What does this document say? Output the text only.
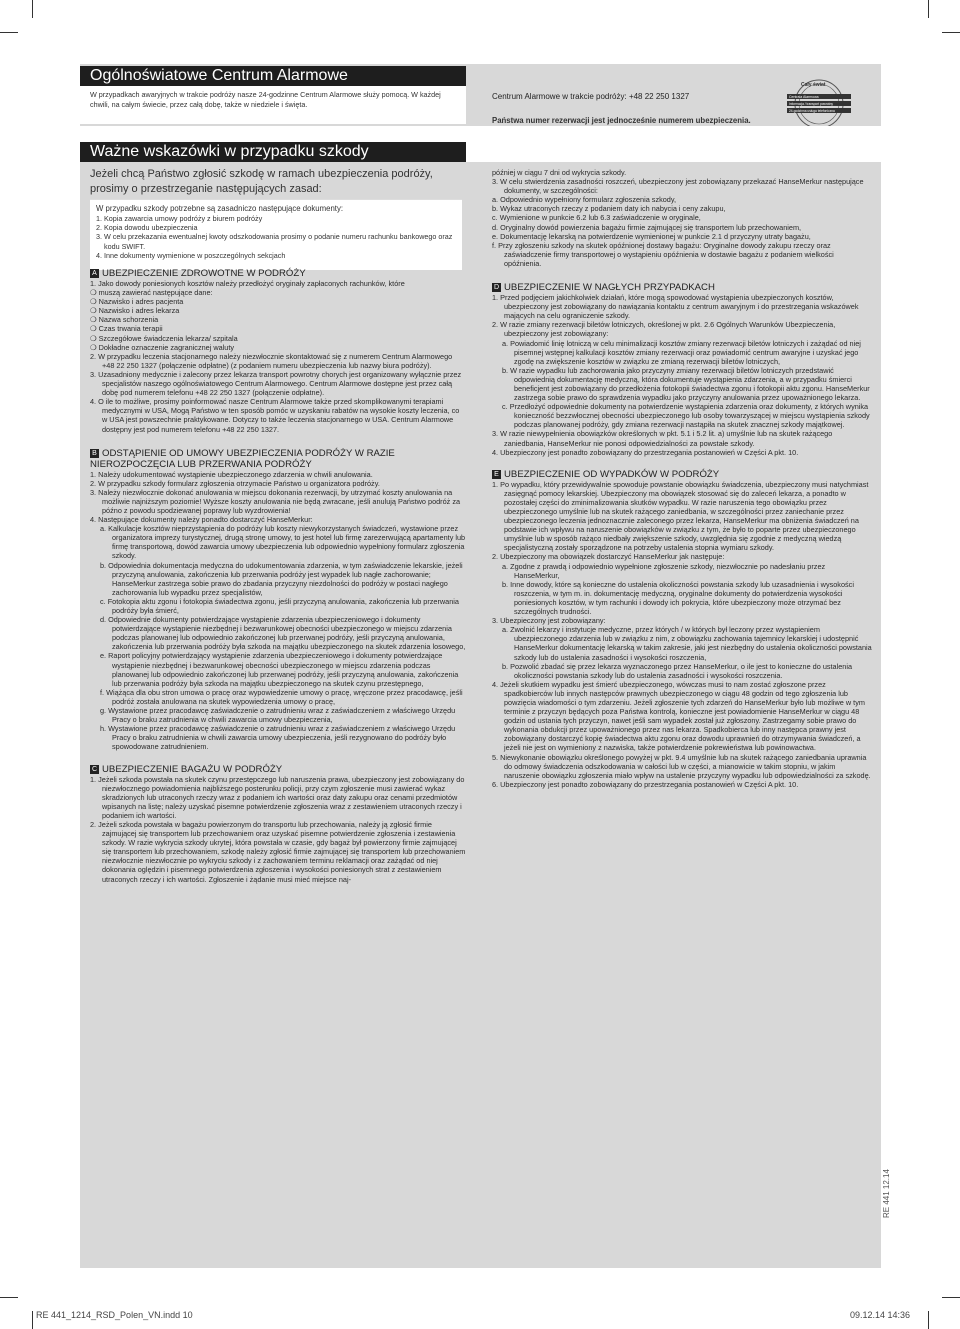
Ogólnoświatowe Centrum Alarmowe
W przypadkach awaryjnych w trakcie podróży nasze 24-godzinne Centrum Alarmowe służy pomocą. W każdej chwili, na całym świecie, przez całą dobę, także w niedziele i święta.
Centrum Alarmowe w trakcie podróży: +48 22 250 1327
Państwa numer rezerwacji jest jednocześnie numerem ubezpieczenia.
Cały świat
Centrala Alarmowa
Informacja / transport powrotny
24-godzinna usługa telefoniczna
Ważne wskazówki w przypadku szkody
Jeżeli chcą Państwo zgłosić szkodę w ramach ubezpieczenia podróży, prosimy o przestrzeganie następujących zasad:
W przypadku szkody potrzebne są zasadniczo następujące dokumenty:

1. Kopia zawarcia umowy podróży z biurem podróży

2. Kopia dowodu ubezpieczenia

3. W celu przekazania ewentualnej kwoty odszkodowania prosimy o podanie numeru rachunku bankowego oraz kodu SWIFT.

4. Inne dokumenty wymienione w poszczególnych sekcjach

A UBEZPIECZENIE ZDROWOTNE W PODRÓŻY

1. Jako dowody poniesionych kosztów należy przedłożyć oryginały zapłaconych rachunków, które

❍ muszą zawierać następujące dane:

❍ Nazwisko i adres pacjenta

❍ Nazwisko i adres lekarza

❍ Nazwa schorzenia

❍ Czas trwania terapii

❍ Szczegółowe świadczenia lekarza/ szpitala

❍ Dokładne oznaczenie zagranicznej waluty

2. W przypadku leczenia stacjonarnego należy niezwłocznie skontaktować się z numerem Centrum Alarmowego +48 22 250 1327 (połączenie odpłatne) (z podaniem numeru ubezpieczenia lub nazwy biura podróży).

3. Uzasadniony medycznie i zalecony przez lekarza transport powrotny chorych jest organizowany wyłącznie przez specjalistów naszego ogólnoświatowego Centrum Alarmowego. Centrum Alarmowe dostępne jest przez całą dobę pod numerem telefonu +48 22 250 1327 (połączenie odpłatne).

4. O ile to możliwe, prosimy poinformować nasze Centrum Alarmowe także przed skomplikowanymi terapiami medycznymi w USA, Mogą Państwo w ten sposób pomóc w uzyskaniu rabatów na wysokie koszty leczenia, co w USA jest powszechnie praktykowane. Dotyczy to także leczenia stacjonarnego w USA. Centrum Alarmowe dostępny jest pod numerem telefonu +48 22 250 1327.

B ODSTĄPIENIE OD UMOWY UBEZPIECZENIA PODRÓŻY W RAZIE NIEROZPOCZĘCIA LUB PRZERWANIA PODRÓŻY

1. Należy udokumentować wystąpienie ubezpieczonego zdarzenia w chwili anulowania.

2. W przypadku szkody formularz zgłoszenia otrzymacie Państwo u organizatora podróży.

3. Należy niezwłocznie dokonać anulowania w miejscu dokonania rezerwacji, by utrzymać koszty anulowania na możliwie najniższym poziomie! Wyższe koszty anulowania nie będą zwracane, jeśli anulują Państwo podróż za późno z powodu spodziewanej poprawy lub wyzdrowienia!

4. Następujące dokumenty należy ponadto dostarczyć HanseMerkur:

a. Kalkulacje kosztów nieprzystąpienia do podróży lub koszty niewykorzystanych świadczeń, wystawione przez organizatora imprezy turystycznej, drugą stronę umowy, to jest hotel lub firmę zarezerwującą apartamenty lub firmę transportową, dowód zawarcia umowy ubezpieczenia lub odpowiednio wypełniony formularz zgłoszenia szkody.

b. Odpowiednia dokumentacja medyczna do udokumentowania zdarzenia, w tym zaświadczenie lekarskie, jeżeli przyczyną anulowania, zakończenia lub przerwania podróży jest wypadek lub nagłe zachorowanie; HanseMerkur zastrzega sobie prawo do zbadania przyczyny niezdolności do podróży w postaci nagłego zachorowania lub wypadku przez specjalistów,

c. Fotokopia aktu zgonu i fotokopia świadectwa zgonu, jeśli przyczyną anulowania, zakończenia lub przerwania podróży była śmierć,

d. Odpowiednie dokumenty potwierdzające wystąpienie zdarzenia ubezpieczeniowego i dokumenty potwierdzające wystąpienie niezbędnej i bezwarunkowej obecności ubezpieczonego w miejscu zdarzenia podczas planowanej lub odpowiednio zakończonej lub przerwanej podróży, jeśli przyczyną anulowania, zakończenia lub przerwania podróży była szkoda na majątku ubezpieczonego na skutek zdarzenia losowego,

e. Raport policyjny potwierdzający wystąpienie zdarzenia ubezpieczeniowego i dokumenty potwierdzające wystąpienie niezbędnej i bezwarunkowej obecności ubezpieczonego w miejscu zdarzenia podczas planowanej lub odpowiednio zakończonej lub przerwanej podróży, jeśli przyczyną anulowania, zakończenia lub przerwania podróży była szkoda na majątku ubezpieczonego na skutek czynu przestępnego,

f. Wiążąca dla obu stron umowa o pracę oraz wypowiedzenie umowy o pracę, wręczone przez pracodawcę, jeśli podróż została anulowana na skutek wypowiedzenia umowy o pracę,

g. Wystawione przez pracodawcę zaświadczenie o zatrudnieniu wraz z zaświadczeniem z właściwego Urzędu Pracy o braku zatrudnienia w chwili zawarcia umowy ubezpieczenia,

h. Wystawione przez pracodawcę zaświadczenie o zatrudnieniu wraz z zaświadczeniem z właściwego Urzędu Pracy o braku zatrudnienia w chwili zawarcia umowy ubezpieczenia, jeśli rezygnowano do podróży było spowodowane zatrudnieniem.

C UBEZPIECZENIE BAGAŻU W PODRÓŻY

1. Jeżeli szkoda powstała na skutek czynu przestępczego lub naruszenia prawa, ubezpieczony jest zobowiązany do niezwłocznego powiadomienia najbliższego posterunku policji, przy czym zgłoszenie musi zawierać wykaz skradzionych lub utraconych rzeczy wraz z podaniem ich wartości oraz daty zakupu oraz cenami przedmiotów wpisanych na listę; należy uzyskać pisemne potwierdzenie zgłoszenia wraz z zestawieniem utraconych rzeczy i podaniem ich wartości.

2. Jeżeli szkoda powstała w bagażu powierzonym do transportu lub przechowania, należy ją zgłosić firmie zajmującej się transportem lub przechowaniem oraz uzyskać pisemne potwierdzenie zgłoszenia i zestawienia szkody. W razie wykrycia szkody ukrytej, która powstała w czasie, gdy bagaż był powierzony firmie zajmującej się transportem lub przechowaniem, szkodę należy zgłosić firmie zajmującej się transportem lub przechowaniem niezwłocznie niezwłocznie po wykryciu szkody i z zachowaniem terminu reklamacji oraz zażądać od niej dokonania oględzin i pisemnego potwierdzenia zgłoszenia i wysokości poniesionych strat z zestawieniem utraconych rzeczy i ich wartości. Zgłoszenie i żądanie musi mieć miejsce naj-

później w ciągu 7 dni od wykrycia szkody.

3. W celu stwierdzenia zasadności roszczeń, ubezpieczony jest zobowiązany przekazać HanseMerkur następujące dokumenty, w szczególności:

a. Odpowiednio wypełniony formularz zgłoszenia szkody,

b. Wykaz utraconych rzeczy z podaniem daty ich nabycia i ceny zakupu,

c. Wymienione w punkcie 6.2 lub 6.3 zaświadczenie w oryginale,

d. Oryginalny dowód powierzenia bagażu firmie zajmującej się transportem lub przechowaniem,

e. Dokumentację lekarską na potwierdzenie wymienionej w punkcie 2.1 d przyczyny utraty bagażu,

f. Przy zgłoszeniu szkody na skutek opóźnionej dostawy bagażu: Oryginalne dowody zakupu rzeczy oraz zaświadczenie firmy transportowej o wystąpieniu opóźnienia w dostawie bagażu z podaniem wielkości opóźnienia.

D UBEZPIECZENIE W NAGŁYCH PRZYPADKACH

1. Przed podjęciem jakichkolwiek działań, które mogą spowodować wystąpienia ubezpieczonych kosztów, ubezpieczony jest zobowiązany do nawiązania kontaktu z centrum awaryjnym i do przestrzegania wskazówek mających na celu ograniczenie szkody.

2. W razie zmiany rezerwacji biletów lotniczych, określonej w pkt. 2.6 Ogólnych Warunków Ubezpieczenia, ubezpieczony jest zobowiązany:

a. Powiadomić linię lotniczą w celu minimalizacji kosztów zmiany rezerwacji biletów lotniczych i zażądać od niej pisemnej wstępnej kalkulacji kosztów zmiany rezerwacji oraz powiadomić centrum awaryjne i uzyskać jego zgodę na zwiększenie kosztów w związku ze zmianą rezerwacji biletów lotniczych,

b. W razie wypadku lub zachorowania jako przyczyny zmiany rezerwacji biletów lotniczych przedstawić odpowiednią dokumentację medyczną, która dokumentuje wystąpienia zdarzenia, a w przypadku śmierci beneficjent jest zobowiązany do przedłożenia fotokopii świadectwa zgonu i fotokopii aktu zgonu. HanseMerkur zastrzega sobie prawo do sprawdzenia wypadku jako przyczyny anulowania przez upoważnionego lekarza.

c. Przedłożyć odpowiednie dokumenty na potwierdzenie wystąpienia zdarzenia oraz dokumenty, z których wynika konieczność bezzwłocznej obecności ubezpieczonego lub osoby towarzyszącej w miejscu wystąpienia szkody podczas planowanej podróży, gdy zmiana rezerwacji nastąpiła na skutek znacznej szkody majątkowej.

3. W razie niewypełnienia obowiązków określonych w pkt. 5.1 i 5.2 lit. a) umyślnie lub na skutek rażącego zaniedbania, HanseMerkur nie ponosi odpowiedzialności za powstałe szkody.

4. Ubezpieczony jest ponadto zobowiązany do przestrzegania postanowień w Części A pkt. 10.

E UBEZPIECZENIE OD WYPADKÓW W PODRÓŻY

1. Po wypadku, który przewidywalnie spowoduje powstanie obowiązku świadczenia, ubezpieczony musi natychmiast zasięgnąć pomocy lekarskiej. Ubezpieczony ma obowiązek stosować się do zaleceń lekarza, a ponadto w pozostałej części do zminimalizowania skutków wypadku. W razie naruszenia tego obowiązku przez ubezpieczonego umyślnie lub na skutek rażącego zaniedbania, w szczególności przez zaniechanie przez ubezpieczonego leczenia jednoznacznie zaleconego przez lekarza, HanseMerkur ma obniżenia świadczeń na podstawie ich wpływu na naruszenie obowiązków w związku z tym, że było to poparte przez ubezpieczonego umyślnie lub w sposób rażąco niedbały zwiększenie szkody, uwzględnia się zgodnie z medyczną wiedzą specjalistyczną zostały sporządzone na potrzeby ustalenia stopnia wymiaru szkody.

2. Ubezpieczony ma obowiązek dostarczyć HanseMerkur jak następuje:

a. Zgodne z prawdą i odpowiednio wypełnione zgłoszenie szkody, niezwłocznie po nadesłaniu przez HanseMerkur,

b. Inne dowody, które są konieczne do ustalenia okoliczności powstania szkody lub uzasadnienia i wysokości roszczenia, w tym m. in. dokumentację medyczną, oryginalne dokumenty do potwierdzenia wysokości poniesionych kosztów, w tym rachunki i dowody ich pokrycia, które ubezpieczony może otrzymać bez szczególnych trudności.

3. Ubezpieczony jest zobowiązany:

a. Zwolnić lekarzy i instytucje medyczne, przez których / w których był leczony przez wystąpieniem ubezpieczonego zdarzenia lub w związku z nim, z obowiązku zachowania tajemnicy lekarskiej i udostępnić HanseMerkur dokumentację lekarską w takim zakresie, jaki jest niezbędny do ustalenia okoliczności powstania szkody lub do ustalenia zasadności i wysokości roszczenia,

b. Pozwolić zbadać się przez lekarza wyznaczonego przez HanseMerkur, o ile jest to konieczne do ustalenia okoliczności powstania szkody lub do ustalenia zasadności i wysokości roszczenia.

4. Jeżeli skutkiem wypadku jest śmierć ubezpieczonego, wówczas musi to nam zostać zgłoszone przez spadkobierców lub innych następców prawnych ubezpieczonego w ciągu 48 godzin od tego zgłoszenia lub powzięcia wiadomości o tym zdarzeniu. Jeżeli zgłoszenie tych zdarzeń do HanseMerkur było lub możliwe w tym terminie z przyczyn będących poza Państwa kontrolą, konieczne jest powiadomienie HanseMerkur w ciągu 48 godzin od ustania tych przyczyn, nawet jeśli sam wypadek został już zgłoszony. Zastrzegamy sobie prawo do wykonania obdukcji przez upoważnionego przez nas lekarza. Spadkobierca lub inny następca prawny jest zobowiązany dostarczyć kopię świadectwa aktu zgonu oraz dowodu uprawnień do otrzymywania świadczeń, a jeżeli nie jest on wymieniony z nazwiska, także potwierdzenie pokrewieństwa lub powinowactwa.

5. Niewykonanie obowiązku określonego powyżej w pkt. 9.4 umyślnie lub na skutek rażącego zaniedbania uprawnia do odmowy świadczenia odszkodowania w całości lub w części, a mianowicie w takim stopniu, w jakim naruszenie obowiązku zgłoszenia miało wpływ na ustalenie przyczyny wypadku lub odpowiedzialności za szkodę.

6. Ubezpieczony jest ponadto zobowiązany do przestrzegania postanowień w Części A pkt. 10.

RE 441 12.14
RE 441_1214_RSD_Polen_VN.indd 10	09.12.14 14:36
